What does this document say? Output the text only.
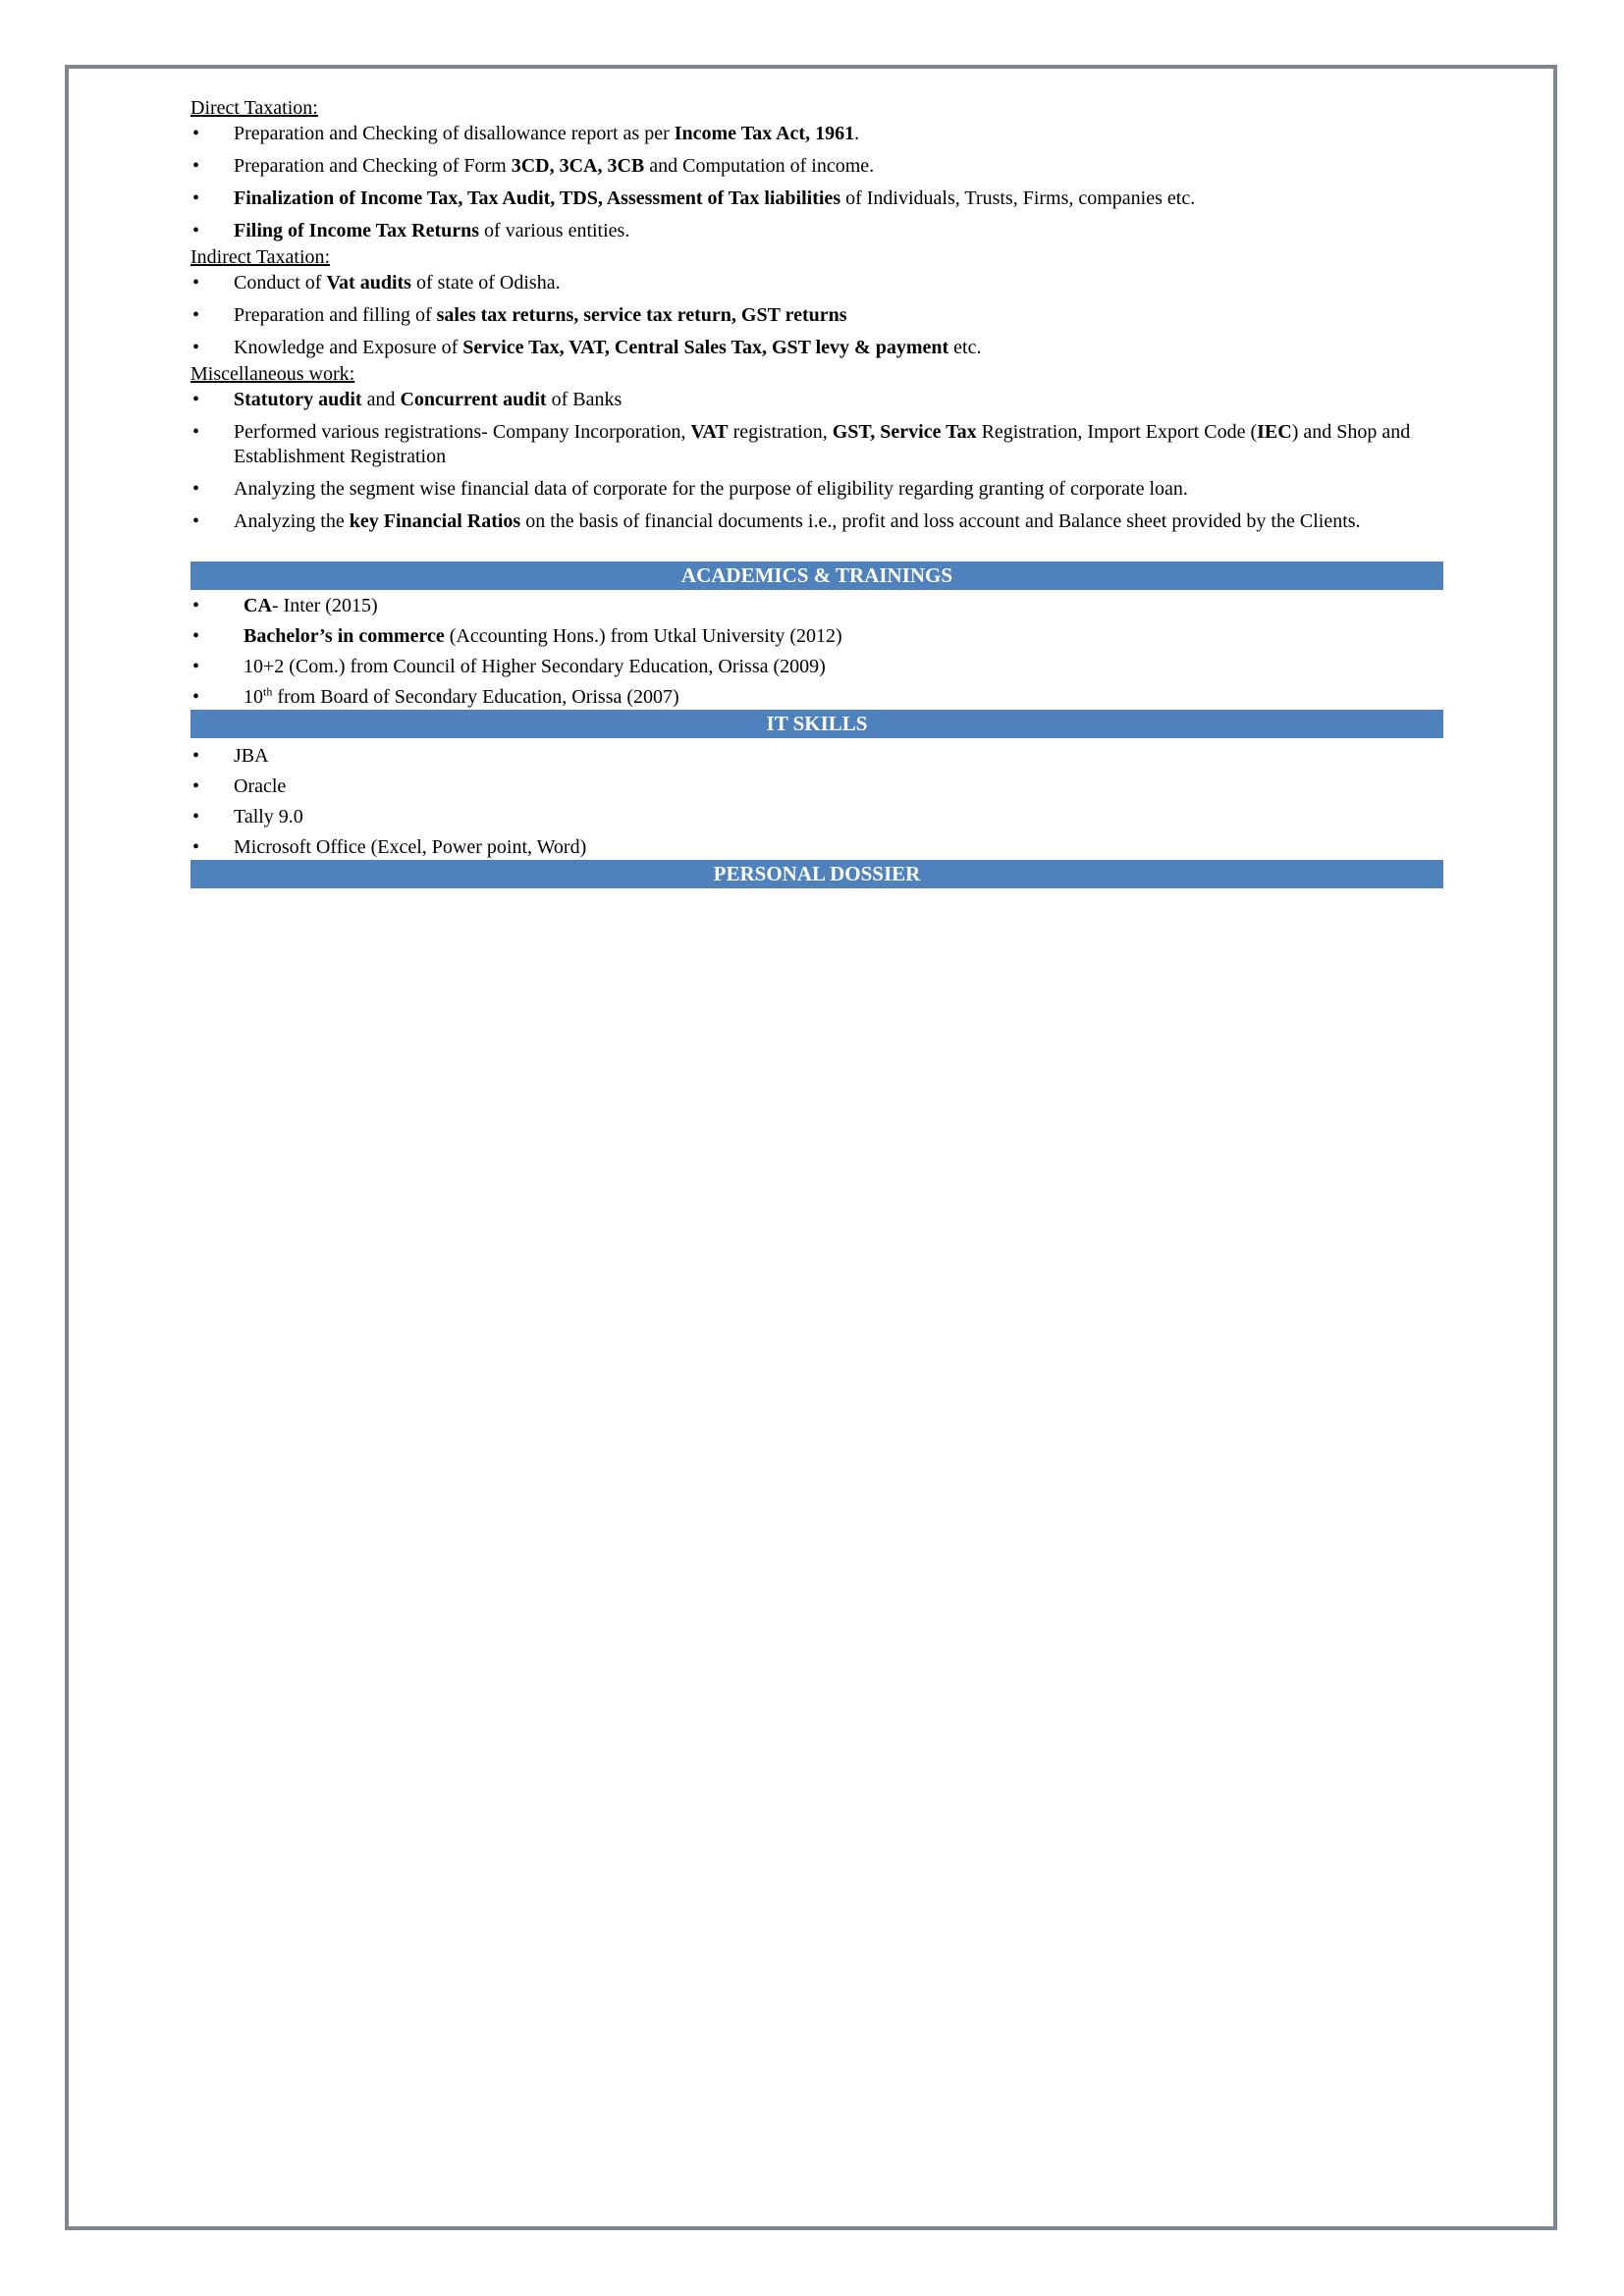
Direct Taxation:

• Preparation and Checking of disallowance report as per Income Tax Act, 1961.
• Preparation and Checking of Form 3CD, 3CA, 3CB and Computation of income.
• Finalization of Income Tax, Tax Audit, TDS, Assessment of Tax liabilities of Individuals, Trusts, Firms, companies etc.
• Filing of Income Tax Returns of various entities.

Indirect Taxation:

• Conduct of Vat audits of state of Odisha.
• Preparation and filling of sales tax returns, service tax return, GST returns
• Knowledge and Exposure of Service Tax, VAT, Central Sales Tax, GST levy & payment etc.

Miscellaneous work:

• Statutory audit and Concurrent audit of Banks
• Performed various registrations- Company Incorporation, VAT registration, GST, Service Tax Registration, Import Export Code (IEC) and Shop and Establishment Registration
• Analyzing the segment wise financial data of corporate for the purpose of eligibility regarding granting of corporate loan.
• Analyzing the key Financial Ratios on the basis of financial documents i.e., profit and loss account and Balance sheet provided by the Clients.
ACADEMICS & TRAININGS
• CA- Inter (2015)
• Bachelor’s in commerce (Accounting Hons.) from Utkal University (2012)
• 10+2 (Com.) from Council of Higher Secondary Education, Orissa (2009)
• 10th from Board of Secondary Education, Orissa (2007)
IT SKILLS
• JBA
• Oracle
• Tally 9.0
• Microsoft Office (Excel, Power point, Word)
PERSONAL DOSSIER
